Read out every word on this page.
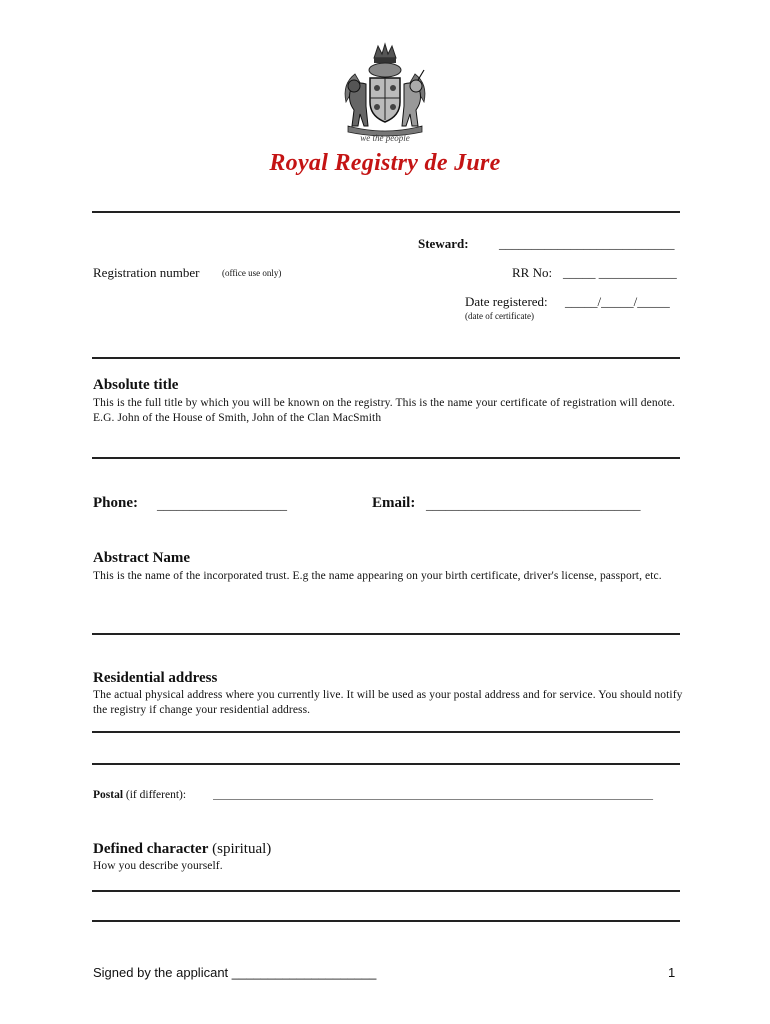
we the people
Royal Registry de Jure
Steward: ___________________________
Registration number (office use only)	RR No: _____ ____________
Date registered: _____/_____/_____
(date of certificate)
Absolute title
This is the full title by which you will be known on the registry. This is the name your certificate of registration will denote. E.G. John of the House of Smith, John of the Clan MacSmith
Phone: ____________________	Email: _________________________________
Abstract Name
This is the name of the incorporated trust. E.g the name appearing on your birth certificate, driver's license, passport, etc.
Residential address
The actual physical address where you currently live. It will be used as your postal address and for service. You should notify the registry if change your residential address.
Postal (if different): ________________________________________________________________________________
Defined character (spiritual)
How you describe yourself.
Signed by the applicant ____________________	1
